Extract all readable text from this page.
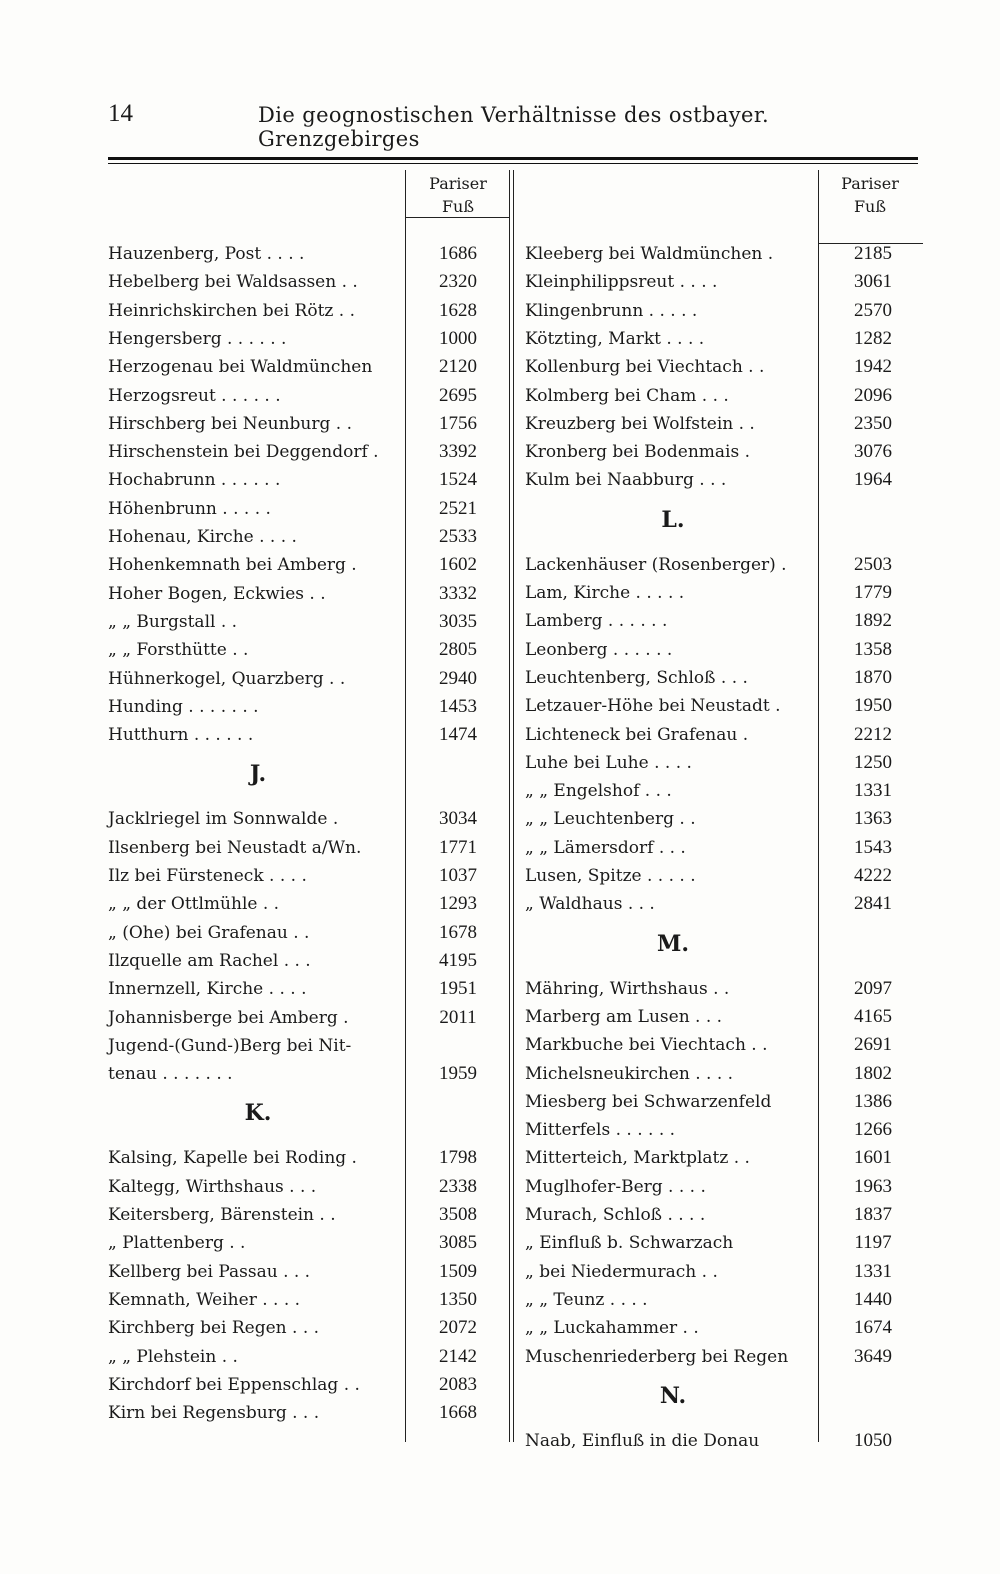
14	Die geognostischen Verhältnisse des ostbayer. Grenzgebirges
Pariser
Fuß
Pariser
Fuß
Hauzenberg, Post . . . .	1686
Hebelberg bei Waldsassen . .	2320
Heinrichskirchen bei Rötz . .	1628
Hengersberg . . . . . .	1000
Herzogenau bei Waldmünchen	2120
Herzogsreut . . . . . .	2695
Hirschberg bei Neunburg . .	1756
Hirschenstein bei Deggendorf .	3392
Hochabrunn . . . . . .	1524
Höhenbrunn . . . . .	2521
Hohenau, Kirche . . . .	2533
Hohenkemnath bei Amberg .	1602
Hoher Bogen, Eckwies . .	3332
„ „ Burgstall . .	3035
„ „ Forsthütte . .	2805
Hühnerkogel, Quarzberg . .	2940
Hunding . . . . . . .	1453
Hutthurn . . . . . .	1474
J.
Jacklriegel im Sonnwalde .	3034
Ilsenberg bei Neustadt a/Wn.	1771
Ilz bei Fürsteneck . . . .	1037
„ „ der Ottlmühle . .	1293
„ (Ohe) bei Grafenau . .	1678
Ilzquelle am Rachel . . .	4195
Innernzell, Kirche . . . .	1951
Johannisberge bei Amberg .	2011
Jugend-(Gund-)Berg bei Nit-
tenau . . . . . . .	1959
K.
Kalsing, Kapelle bei Roding .	1798
Kaltegg, Wirthshaus . . .	2338
Keitersberg, Bärenstein . .	3508
„ Plattenberg . .	3085
Kellberg bei Passau . . .	1509
Kemnath, Weiher . . . .	1350
Kirchberg bei Regen . . .	2072
„ „ Plehstein . .	2142
Kirchdorf bei Eppenschlag . .	2083
Kirn bei Regensburg . . .	1668
Kleeberg bei Waldmünchen .	2185
Kleinphilippsreut . . . .	3061
Klingenbrunn . . . . .	2570
Kötzting, Markt . . . .	1282
Kollenburg bei Viechtach . .	1942
Kolmberg bei Cham . . .	2096
Kreuzberg bei Wolfstein . .	2350
Kronberg bei Bodenmais .	3076
Kulm bei Naabburg . . .	1964
L.
Lackenhäuser (Rosenberger) .	2503
Lam, Kirche . . . . .	1779
Lamberg . . . . . .	1892
Leonberg . . . . . .	1358
Leuchtenberg, Schloß . . .	1870
Letzauer-Höhe bei Neustadt .	1950
Lichteneck bei Grafenau .	2212
Luhe bei Luhe . . . .	1250
„ „ Engelshof . . .	1331
„ „ Leuchtenberg . .	1363
„ „ Lämersdorf . . .	1543
Lusen, Spitze . . . . .	4222
„ Waldhaus . . .	2841
M.
Mähring, Wirthshaus . .	2097
Marberg am Lusen . . .	4165
Markbuche bei Viechtach . .	2691
Michelsneukirchen . . . .	1802
Miesberg bei Schwarzenfeld	1386
Mitterfels . . . . . .	1266
Mitterteich, Marktplatz . .	1601
Muglhofer-Berg . . . .	1963
Murach, Schloß . . . .	1837
„ Einfluß b. Schwarzach	1197
„ bei Niedermurach . .	1331
„ „ Teunz . . . .	1440
„ „ Luckahammer . .	1674
Muschenriederberg bei Regen	3649
N.
Naab, Einfluß in die Donau	1050
